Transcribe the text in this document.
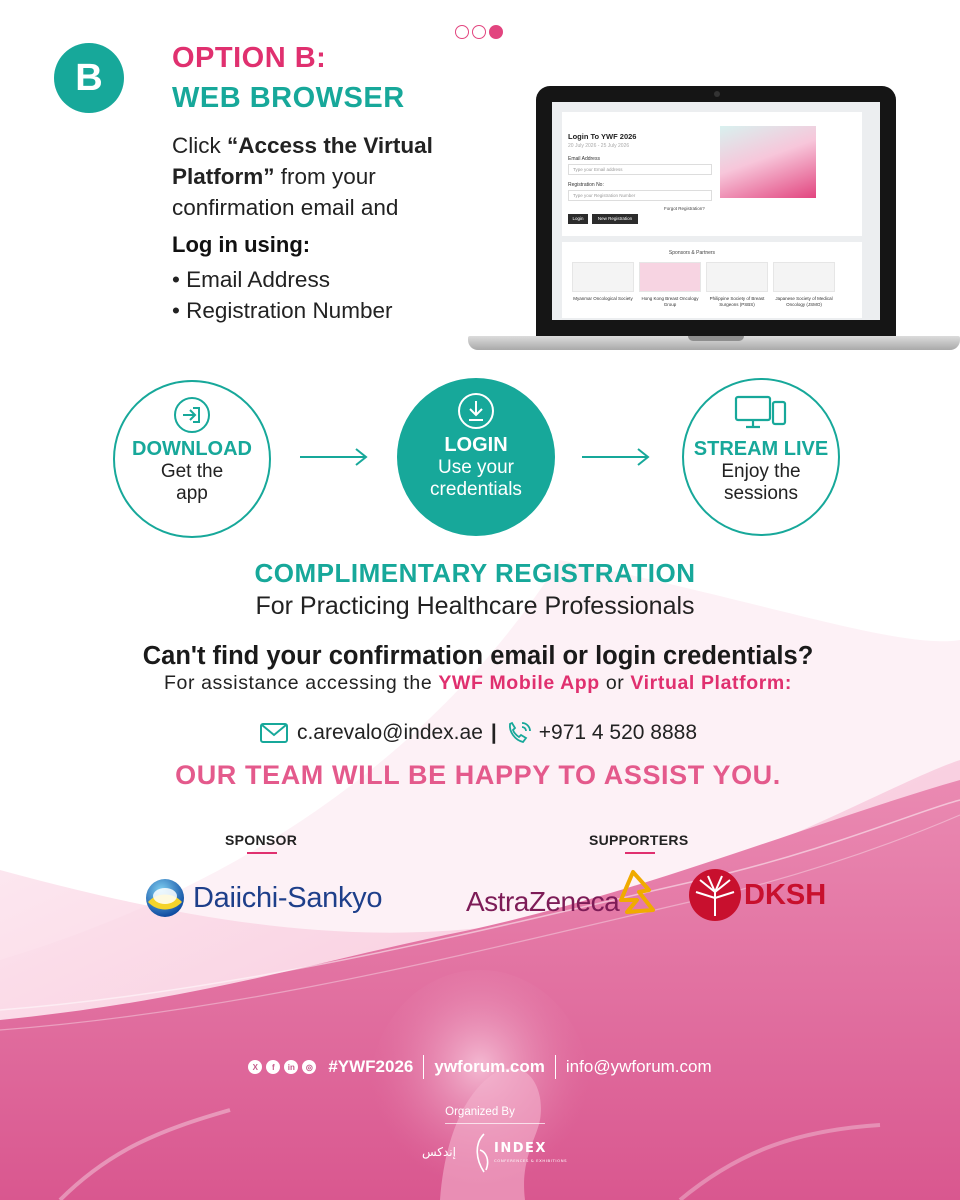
B	OPTION B:
WEB BROWSER
Click “Access the Virtual Platform” from your confirmation email and
Log in using:
• Email Address
• Registration Number
Login To YWF 2026
20 July 2026 - 25 July 2026
Email Address
Type your Email address
Registration No:
Type your Registration Number
Forgot Registration?
Login	New Registration
Sponsors & Partners
Myanmar Oncological Society	Hong Kong Breast Oncology Group
Philippine Society of Breast Surgeons (PSBS)
Japanese Society of Medical Oncology (JSMO)
DOWNLOAD
Get the
app
LOGIN
Use your
credentials
STREAM LIVE
Enjoy the
sessions
COMPLIMENTARY REGISTRATION
For Practicing Healthcare Professionals
Can't find your confirmation email or login credentials?
For assistance accessing the YWF Mobile App or Virtual Platform:
c.arevalo@index.ae | +971 4 520 8888
OUR TEAM WILL BE HAPPY TO ASSIST YOU.
SPONSOR	SUPPORTERS
Daiichi-Sankyo	AstraZeneca	DKSH
X	f	in	◎ #YWF2026 ywforum.com info@ywforum.com
Organized By
إندكس	INDEX
CONFERENCES & EXHIBITIONS
